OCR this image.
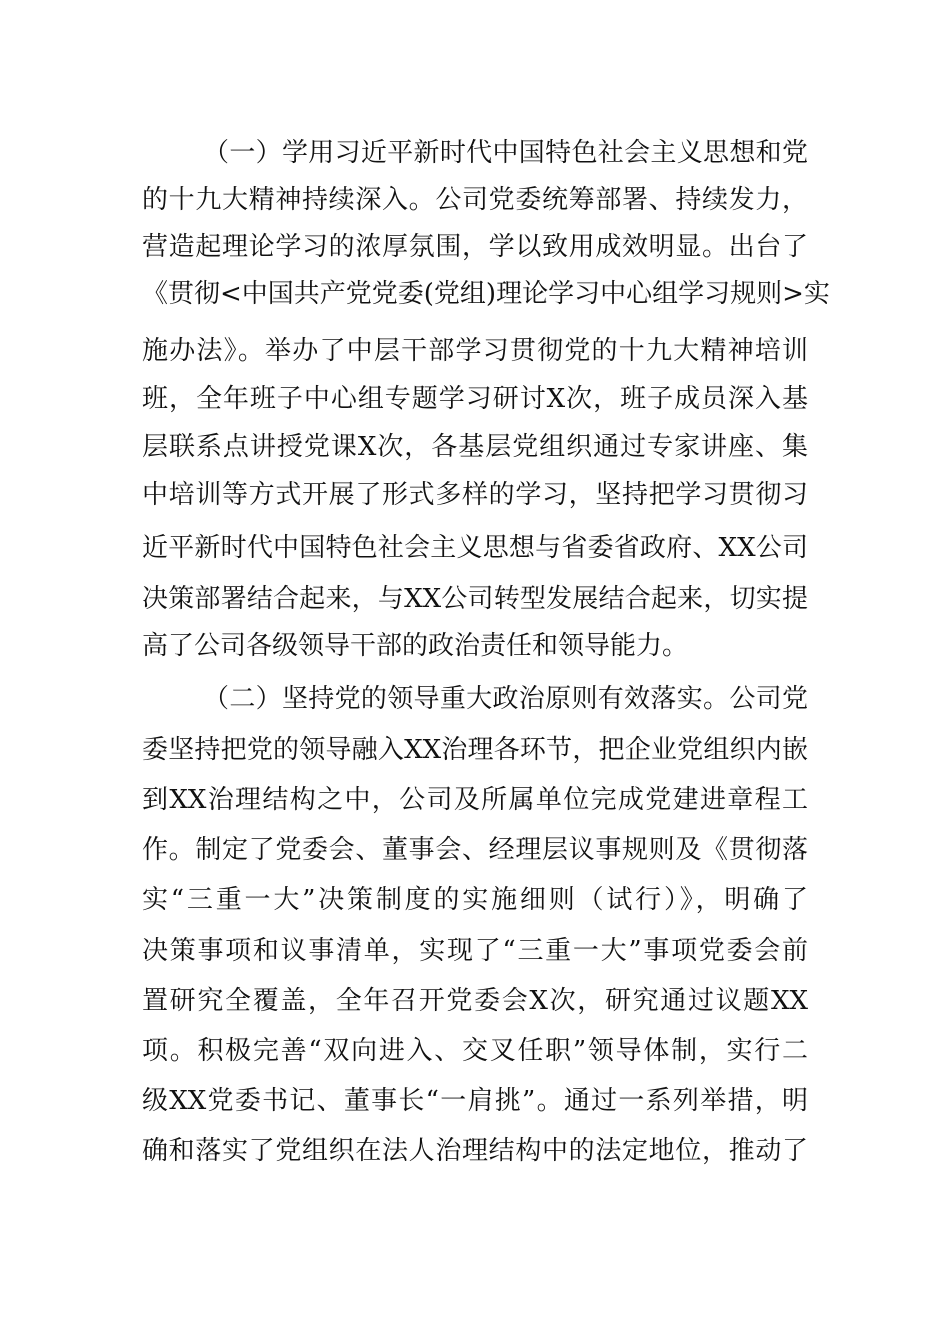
（一）学用习近平新时代中国特色社会主义思想和党
的十九大精神持续深入。公司党委统筹部署、持续发力，
营造起理论学习的浓厚氛围，学以致用成效明显。出台了
《贯彻<中国共产党党委(党组)理论学习中心组学习规则>实
施办法》。举办了中层干部学习贯彻党的十九大精神培训
班，全年班子中心组专题学习研讨X次，班子成员深入基
层联系点讲授党课X次，各基层党组织通过专家讲座、集
中培训等方式开展了形式多样的学习，坚持把学习贯彻习
近平新时代中国特色社会主义思想与省委省政府、XX公司
决策部署结合起来，与XX公司转型发展结合起来，切实提
高了公司各级领导干部的政治责任和领导能力。
（二）坚持党的领导重大政治原则有效落实。公司党
委坚持把党的领导融入XX治理各环节，把企业党组织内嵌
到XX治理结构之中，公司及所属单位完成党建进章程工
作。制定了党委会、董事会、经理层议事规则及《贯彻落
实“三重一大”决策制度的实施细则（试行）》，明确了
决策事项和议事清单，实现了“三重一大”事项党委会前
置研究全覆盖，全年召开党委会X次，研究通过议题XX
项。积极完善“双向进入、交叉任职”领导体制，实行二
级XX党委书记、董事长“一肩挑”。通过一系列举措，明
确和落实了党组织在法人治理结构中的法定地位，推动了
